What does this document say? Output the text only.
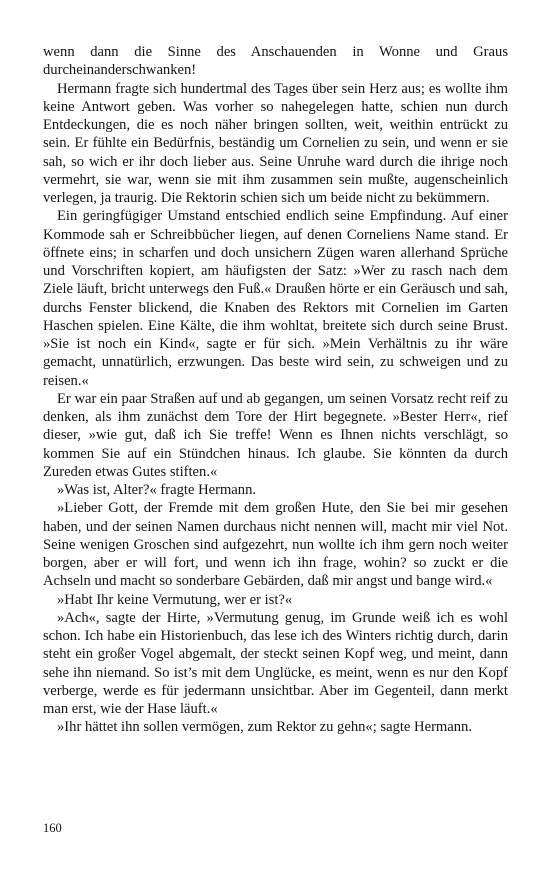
wenn dann die Sinne des Anschauenden in Wonne und Graus durcheinanderschwanken!

Hermann fragte sich hundertmal des Tages über sein Herz aus; es wollte ihm keine Antwort geben. Was vorher so nahegelegen hatte, schien nun durch Entdeckungen, die es noch näher bringen sollten, weit, weithin entrückt zu sein. Er fühlte ein Bedürfnis, beständig um Cornelien zu sein, und wenn er sie sah, so wich er ihr doch lieber aus. Seine Unruhe ward durch die ihrige noch vermehrt, sie war, wenn sie mit ihm zusammen sein mußte, augenscheinlich verlegen, ja traurig. Die Rektorin schien sich um beide nicht zu bekümmern.

Ein geringfügiger Umstand entschied endlich seine Empfindung. Auf einer Kommode sah er Schreibbücher liegen, auf denen Corneliens Name stand. Er öffnete eins; in scharfen und doch unsichern Zügen waren allerhand Sprüche und Vorschriften kopiert, am häufigsten der Satz: »Wer zu rasch nach dem Ziele läuft, bricht unterwegs den Fuß.« Draußen hörte er ein Geräusch und sah, durchs Fenster blickend, die Knaben des Rektors mit Cornelien im Garten Haschen spielen. Eine Kälte, die ihm wohltat, breitete sich durch seine Brust. »Sie ist noch ein Kind«, sagte er für sich. »Mein Verhältnis zu ihr wäre gemacht, unnatürlich, erzwungen. Das beste wird sein, zu schweigen und zu reisen.«

Er war ein paar Straßen auf und ab gegangen, um seinen Vorsatz recht reif zu denken, als ihm zunächst dem Tore der Hirt begegnete. »Bester Herr«, rief dieser, »wie gut, daß ich Sie treffe! Wenn es Ihnen nichts verschlägt, so kommen Sie auf ein Stündchen hinaus. Ich glaube. Sie könnten da durch Zureden etwas Gutes stiften.«

»Was ist, Alter?« fragte Hermann.

»Lieber Gott, der Fremde mit dem großen Hute, den Sie bei mir gesehen haben, und der seinen Namen durchaus nicht nennen will, macht mir viel Not. Seine wenigen Groschen sind aufgezehrt, nun wollte ich ihm gern noch weiter borgen, aber er will fort, und wenn ich ihn frage, wohin? so zuckt er die Achseln und macht so sonderbare Gebärden, daß mir angst und bange wird.«

»Habt Ihr keine Vermutung, wer er ist?«

»Ach«, sagte der Hirte, »Vermutung genug, im Grunde weiß ich es wohl schon. Ich habe ein Historienbuch, das lese ich des Winters richtig durch, darin steht ein großer Vogel abgemalt, der steckt seinen Kopf weg, und meint, dann sehe ihn niemand. So ist’s mit dem Unglücke, es meint, wenn es nur den Kopf verberge, werde es für jedermann unsichtbar. Aber im Gegenteil, dann merkt man erst, wie der Hase läuft.«

»Ihr hättet ihn sollen vermögen, zum Rektor zu gehn«; sagte Hermann.

160
